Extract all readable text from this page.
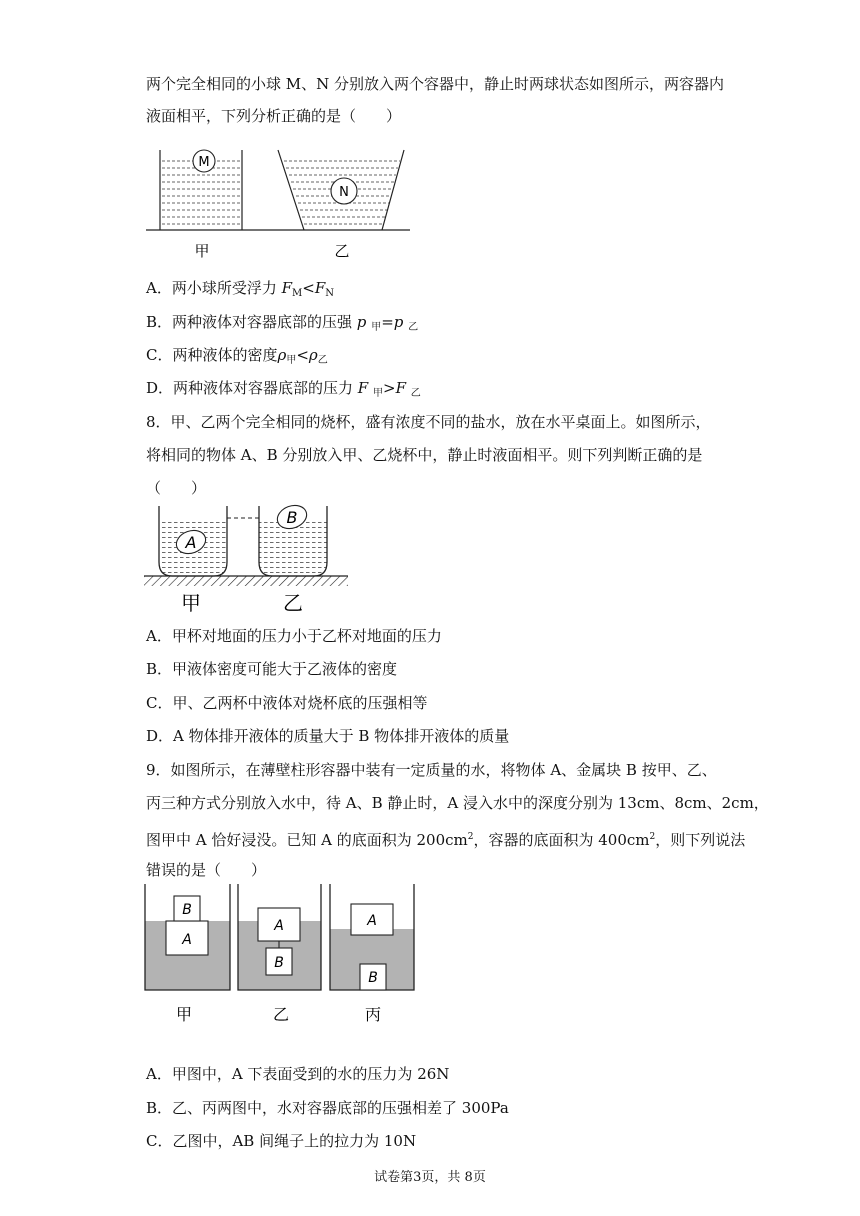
两个完全相同的小球 M、N 分别放入两个容器中，静止时两球状态如图所示，两容器内
液面相平，下列分析正确的是（　　）
M
N
甲	乙
A．两小球所受浮力 $F_M<F_N$
B．两种液体对容器底部的压强 p $_甲$=p $_乙$
C．两种液体的密度$\rho_甲<\rho_乙$
D．两种液体对容器底部的压力 F $_甲$>F $_乙$
8．甲、乙两个完全相同的烧杯，盛有浓度不同的盐水，放在水平桌面上。如图所示，
将相同的物体 A、B 分别放入甲、乙烧杯中，静止时液面相平。则下列判断正确的是
（　　）
A
B
甲	乙
A．甲杯对地面的压力小于乙杯对地面的压力
B．甲液体密度可能大于乙液体的密度
C．甲、乙两杯中液体对烧杯底的压强相等
D．A 物体排开液体的质量大于 B 物体排开液体的质量
9．如图所示，在薄壁柱形容器中装有一定质量的水，将物体 A、金属块 B 按甲、乙、
丙三种方式分别放入水中，待 A、B 静止时，A 浸入水中的深度分别为 13cm、8cm、2cm，
图甲中 A 恰好浸没。已知 A 的底面积为 $200cm^2$，容器的底面积为 $400cm^2$，则下列说法
错误的是（　　）
A
B
A
B
A
B
甲	乙	丙
A．甲图中，A 下表面受到的水的压力为 26N
B．乙、丙两图中，水对容器底部的压强相差了 300Pa
C．乙图中，AB 间绳子上的拉力为 10N
试卷第3页，共 8页
